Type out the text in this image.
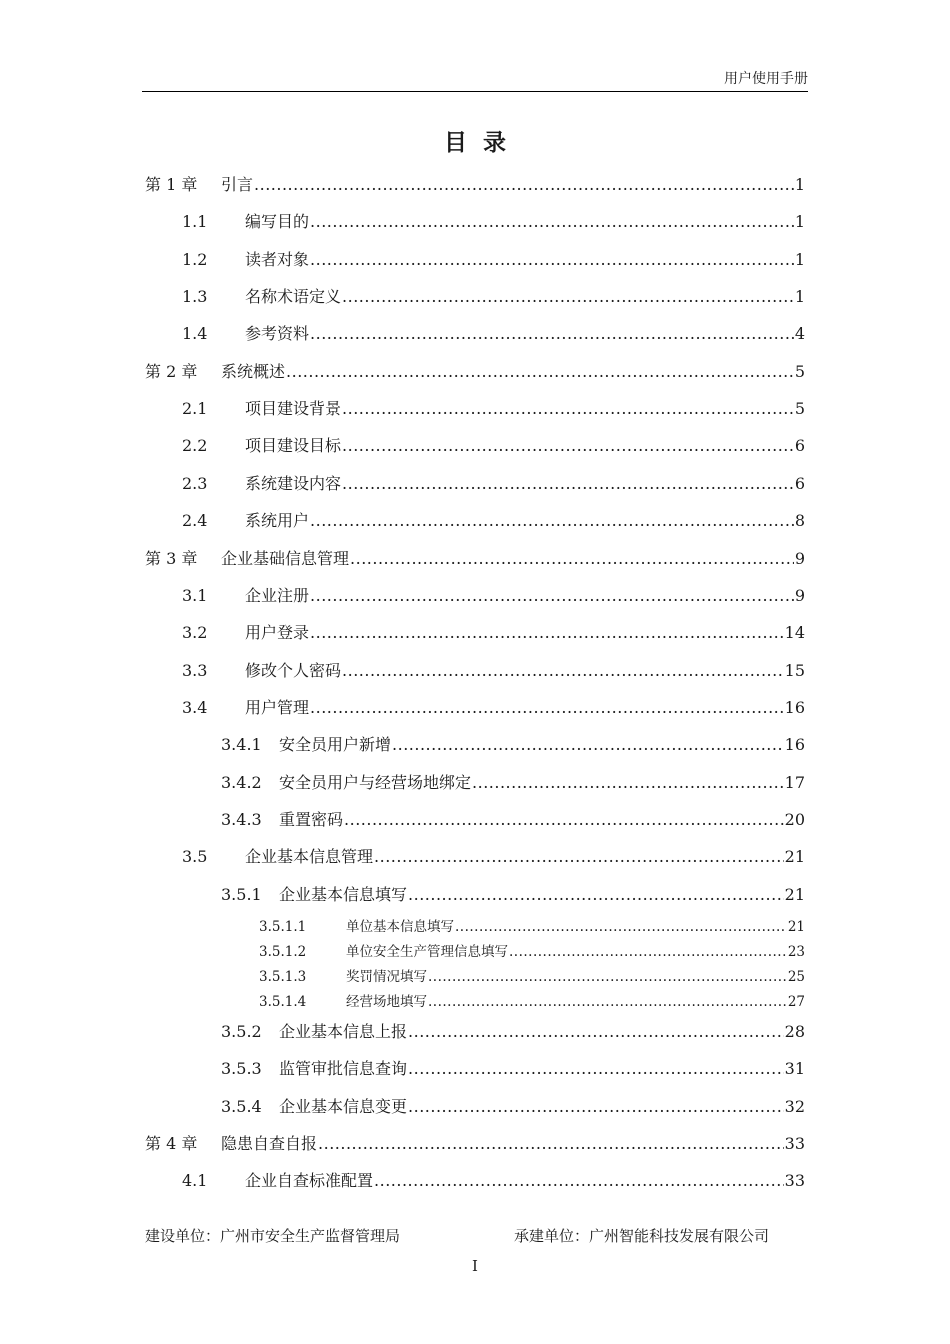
用户使用手册
目  录
第 1 章	引言 .....	1
1.1	编写目的 .....	1
1.2	读者对象 .....	1
1.3	名称术语定义 .....	1
1.4	参考资料 .....	4
第 2 章	系统概述 .....	5
2.1	项目建设背景 .....	5
2.2	项目建设目标 .....	6
2.3	系统建设内容 .....	6
2.4	系统用户 .....	8
第 3 章	企业基础信息管理 .....	9
3.1	企业注册 .....	9
3.2	用户登录 .....	14
3.3	修改个人密码 .....	15
3.4	用户管理 .....	16
3.4.1	安全员用户新增 .....	16
3.4.2	安全员用户与经营场地绑定 .....	17
3.4.3	重置密码 .....	20
3.5	企业基本信息管理 .....	21
3.5.1	企业基本信息填写 .....	21
3.5.1.1	单位基本信息填写 .....	21
3.5.1.2	单位安全生产管理信息填写 .....	23
3.5.1.3	奖罚情况填写 .....	25
3.5.1.4	经营场地填写 .....	27
3.5.2	企业基本信息上报 .....	28
3.5.3	监管审批信息查询 .....	31
3.5.4	企业基本信息变更 .....	32
第 4 章	隐患自查自报 .....	33
4.1	企业自查标准配置 .....	33
建设单位：广州市安全生产监督管理局	承建单位：广州智能科技发展有限公司
I
